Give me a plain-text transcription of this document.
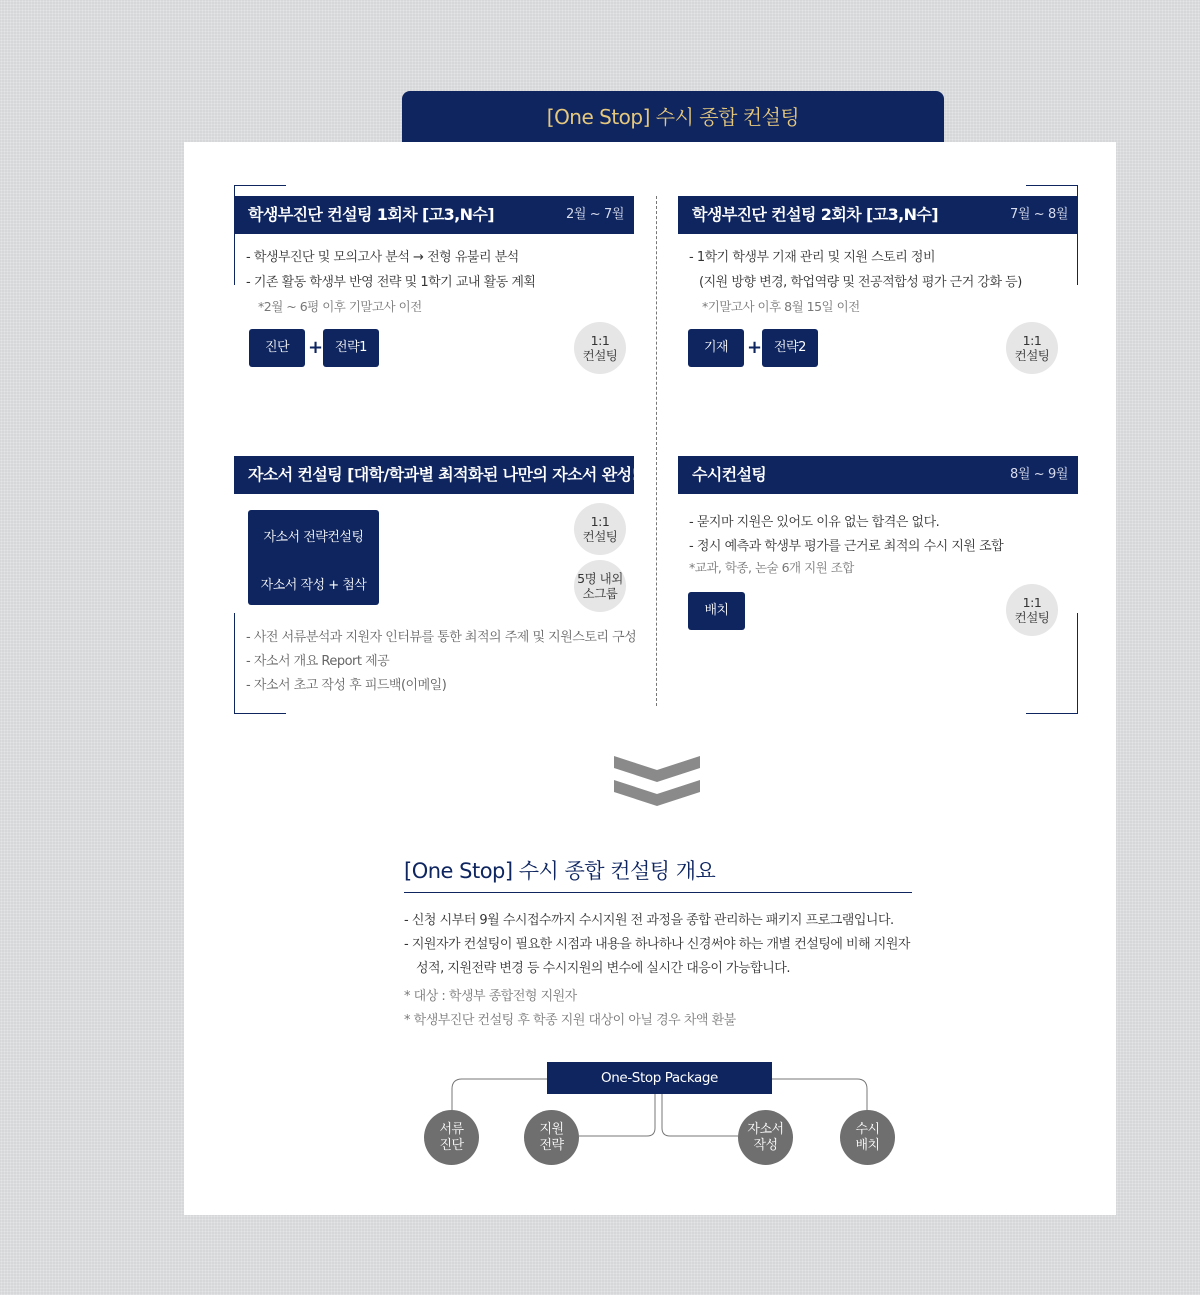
[One Stop] 수시 종합 컨설팅
학생부진단 컨설팅 1회차 [고3,N수]	2월 ~ 7월
- 학생부진단 및 모의고사 분석 → 전형 유불리 분석
- 기존 활동 학생부 반영 전략 및 1학기 교내 활동 계획
*2월 ~ 6평 이후 기말고사 이전
진단	+ 전략1	1:1
컨설팅
학생부진단 컨설팅 2회차 [고3,N수]	7월 ~ 8월
- 1학기 학생부 기재 관리 및 지원 스토리 정비
(지원 방향 변경, 학업역량 및 전공적합성 평가 근거 강화 등)
*기말고사 이후 8월 15일 이전
기재	+ 전략2	1:1
컨설팅
자소서 컨설팅 [대학/학과별 최적화된 나만의 자소서 완성!]
자소서 전략컨설팅
자소서 작성 + 첨삭
1:1
컨설팅
5명 내외
소그룹
- 사전 서류분석과 지원자 인터뷰를 통한 최적의 주제 및 지원스토리 구성
- 자소서 개요 Report 제공
- 자소서 초고 작성 후 피드백(이메일)
수시컨설팅	8월 ~ 9월
- 묻지마 지원은 있어도 이유 없는 합격은 없다.
- 정시 예측과 학생부 평가를 근거로 최적의 수시 지원 조합
*교과, 학종, 논술 6개 지원 조합
배치
1:1
컨설팅
[One Stop] 수시 종합 컨설팅 개요
- 신청 시부터 9월 수시접수까지 수시지원 전 과정을 종합 관리하는 패키지 프로그램입니다.
- 지원자가 컨설팅이 필요한 시점과 내용을 하나하나 신경써야 하는 개별 컨설팅에 비해 지원자
성적, 지원전략 변경 등 수시지원의 변수에 실시간 대응이 가능합니다.
* 대상 : 학생부 종합전형 지원자
* 학생부진단 컨설팅 후 학종 지원 대상이 아닐 경우 차액 환불
One-Stop Package
서류
진단
지원
전략
자소서
작성
수시
배치
